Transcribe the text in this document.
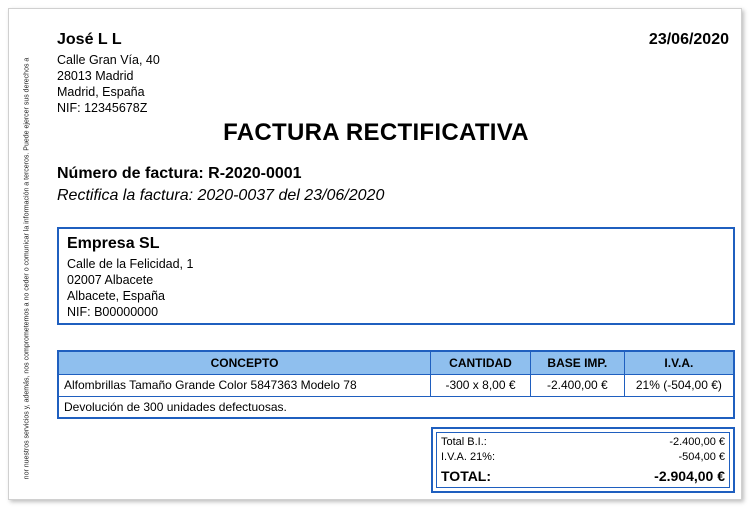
nor nuestros servicios y, además, nos comprometemos a no ceder o comunicar la información a terceros. Puede ejercer sus derechos a
José L L
Calle Gran Vía, 40
28013 Madrid
Madrid, España
NIF: 12345678Z
23/06/2020
FACTURA RECTIFICATIVA
Número de factura: R-2020-0001
Rectifica la factura: 2020-0037 del 23/06/2020
Empresa SL
Calle de la Felicidad, 1
02007 Albacete
Albacete, España
NIF: B00000000
CONCEPTO	CANTIDAD	BASE IMP.	I.V.A.
Alfombrillas Tamaño Grande Color 5847363 Modelo 78	-300 x 8,00 €	-2.400,00 €	21% (-504,00 €)
Devolución de 300 unidades defectuosas.			
Total B.I.:	-2.400,00 €
I.V.A. 21%:	-504,00 €
TOTAL:	-2.904,00 €
